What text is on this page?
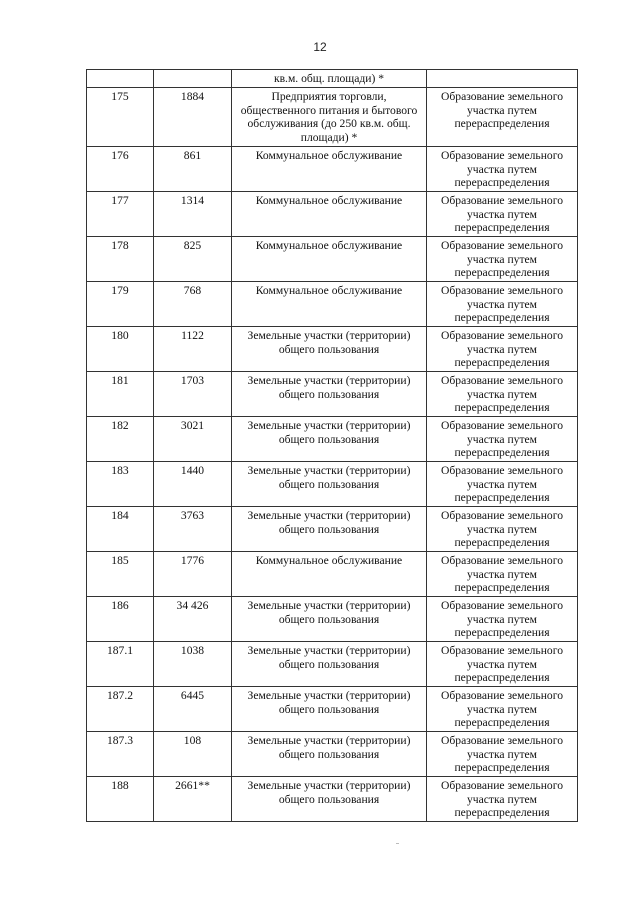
12
		кв.м. общ. площади) *	
175	1884	Предприятия торговли, общественного питания и бытового обслуживания (до 250 кв.м. общ. площади) *	Образование земельного участка путем перераспределения
176	861	Коммунальное обслуживание	Образование земельного участка путем перераспределения
177	1314	Коммунальное обслуживание	Образование земельного участка путем перераспределения
178	825	Коммунальное обслуживание	Образование земельного участка путем перераспределения
179	768	Коммунальное обслуживание	Образование земельного участка путем перераспределения
180	1122	Земельные участки (территории) общего пользования	Образование земельного участка путем перераспределения
181	1703	Земельные участки (территории) общего пользования	Образование земельного участка путем перераспределения
182	3021	Земельные участки (территории) общего пользования	Образование земельного участка путем перераспределения
183	1440	Земельные участки (территории) общего пользования	Образование земельного участка путем перераспределения
184	3763	Земельные участки (территории) общего пользования	Образование земельного участка путем перераспределения
185	1776	Коммунальное обслуживание	Образование земельного участка путем перераспределения
186	34 426	Земельные участки (территории) общего пользования	Образование земельного участка путем перераспределения
187.1	1038	Земельные участки (территории) общего пользования	Образование земельного участка путем перераспределения
187.2	6445	Земельные участки (территории) общего пользования	Образование земельного участка путем перераспределения
187.3	108	Земельные участки (территории) общего пользования	Образование земельного участка путем перераспределения
188	2661**	Земельные участки (территории) общего пользования	Образование земельного участка путем перераспределения
